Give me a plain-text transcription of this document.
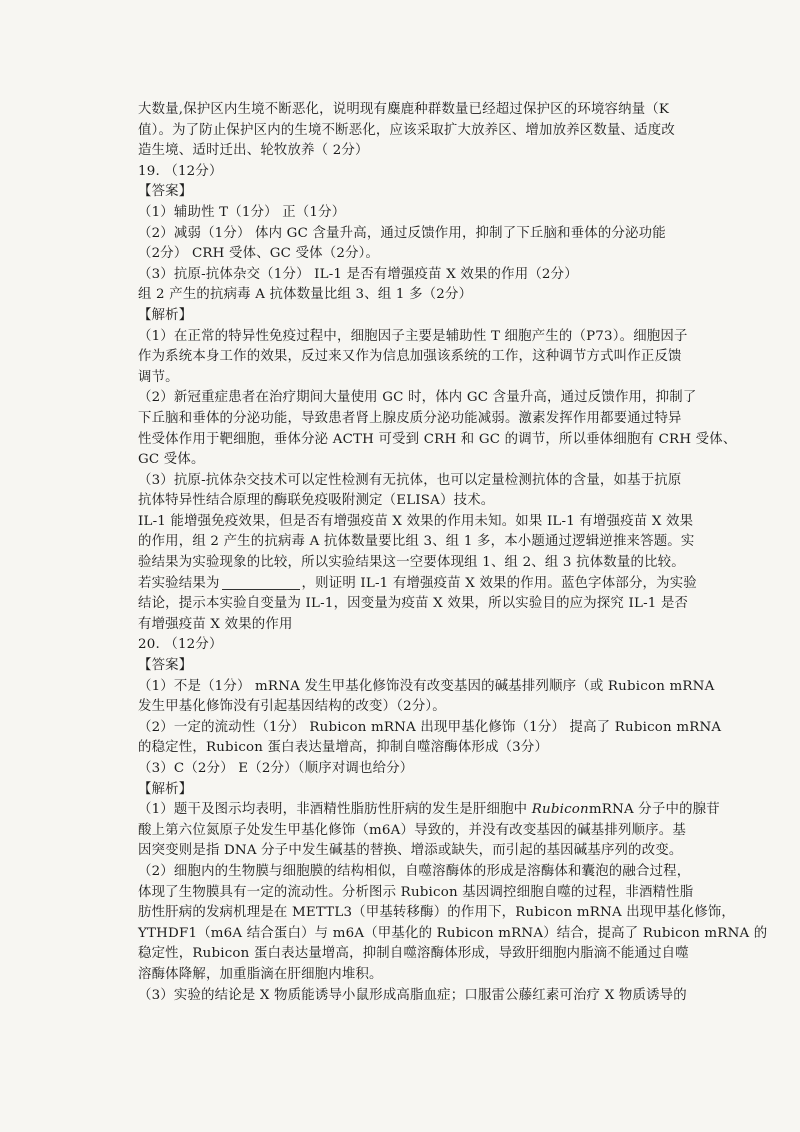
大数量,保护区内生境不断恶化，说明现有麋鹿种群数量已经超过保护区的环境容纳量（K
值）。为了防止保护区内的生境不断恶化，应该采取扩大放养区、增加放养区数量、适度改
造生境、适时迁出、轮牧放养（ 2分）
19. （12分）
【答案】
（1）辅助性 T（1分） 正（1分）
（2）减弱（1分） 体内 GC 含量升高，通过反馈作用，抑制了下丘脑和垂体的分泌功能
（2分） CRH 受体、GC 受体（2分）。
（3）抗原-抗体杂交（1分） IL-1 是否有增强疫苗 X 效果的作用（2分）
组 2 产生的抗病毒 A 抗体数量比组 3、组 1 多（2分）
【解析】
（1）在正常的特异性免疫过程中，细胞因子主要是辅助性 T 细胞产生的（P73）。细胞因子
作为系统本身工作的效果，反过来又作为信息加强该系统的工作，这种调节方式叫作正反馈
调节。
（2）新冠重症患者在治疗期间大量使用 GC 时，体内 GC 含量升高，通过反馈作用，抑制了
下丘脑和垂体的分泌功能，导致患者肾上腺皮质分泌功能减弱。激素发挥作用都要通过特异
性受体作用于靶细胞，垂体分泌 ACTH 可受到 CRH 和 GC 的调节，所以垂体细胞有 CRH 受体、
GC 受体。
（3）抗原-抗体杂交技术可以定性检测有无抗体，也可以定量检测抗体的含量，如基于抗原
抗体特异性结合原理的酶联免疫吸附测定（ELISA）技术。
IL-1 能增强免疫效果，但是否有增强疫苗 X 效果的作用未知。如果 IL-1 有增强疫苗 X 效果
的作用，组 2 产生的抗病毒 A 抗体数量要比组 3、组 1 多，本小题通过逻辑逆推来答题。实
验结果为实验现象的比较，所以实验结果这一空要体现组 1、组 2、组 3 抗体数量的比较。
若实验结果为	，则证明 IL-1 有增强疫苗 X 效果的作用。蓝色字体部分，为实验
结论，提示本实验自变量为 IL-1，因变量为疫苗 X 效果，所以实验目的应为探究 IL-1 是否
有增强疫苗 X 效果的作用
20. （12分）
【答案】
（1）不是（1分） mRNA 发生甲基化修饰没有改变基因的碱基排列顺序（或 Rubicon mRNA
发生甲基化修饰没有引起基因结构的改变）（2分）。
（2）一定的流动性（1分） Rubicon mRNA 出现甲基化修饰（1分） 提高了 Rubicon mRNA
的稳定性，Rubicon 蛋白表达量增高，抑制自噬溶酶体形成（3分）
（3）C（2分） E（2分）（顺序对调也给分）
【解析】
（1）题干及图示均表明，非酒精性脂肪性肝病的发生是肝细胞中 RubiconmRNA 分子中的腺苷
酸上第六位氮原子处发生甲基化修饰（m6A）导致的，并没有改变基因的碱基排列顺序。基
因突变则是指 DNA 分子中发生碱基的替换、增添或缺失，而引起的基因碱基序列的改变。
（2）细胞内的生物膜与细胞膜的结构相似，自噬溶酶体的形成是溶酶体和囊泡的融合过程，
体现了生物膜具有一定的流动性。分析图示 Rubicon 基因调控细胞自噬的过程，非酒精性脂
肪性肝病的发病机理是在 METTL3（甲基转移酶）的作用下，Rubicon mRNA 出现甲基化修饰，
YTHDF1（m6A 结合蛋白）与 m6A（甲基化的 Rubicon mRNA）结合，提高了 Rubicon mRNA 的
稳定性，Rubicon 蛋白表达量增高，抑制自噬溶酶体形成，导致肝细胞内脂滴不能通过自噬
溶酶体降解，加重脂滴在肝细胞内堆积。
（3）实验的结论是 X 物质能诱导小鼠形成高脂血症；口服雷公藤红素可治疗 X 物质诱导的
